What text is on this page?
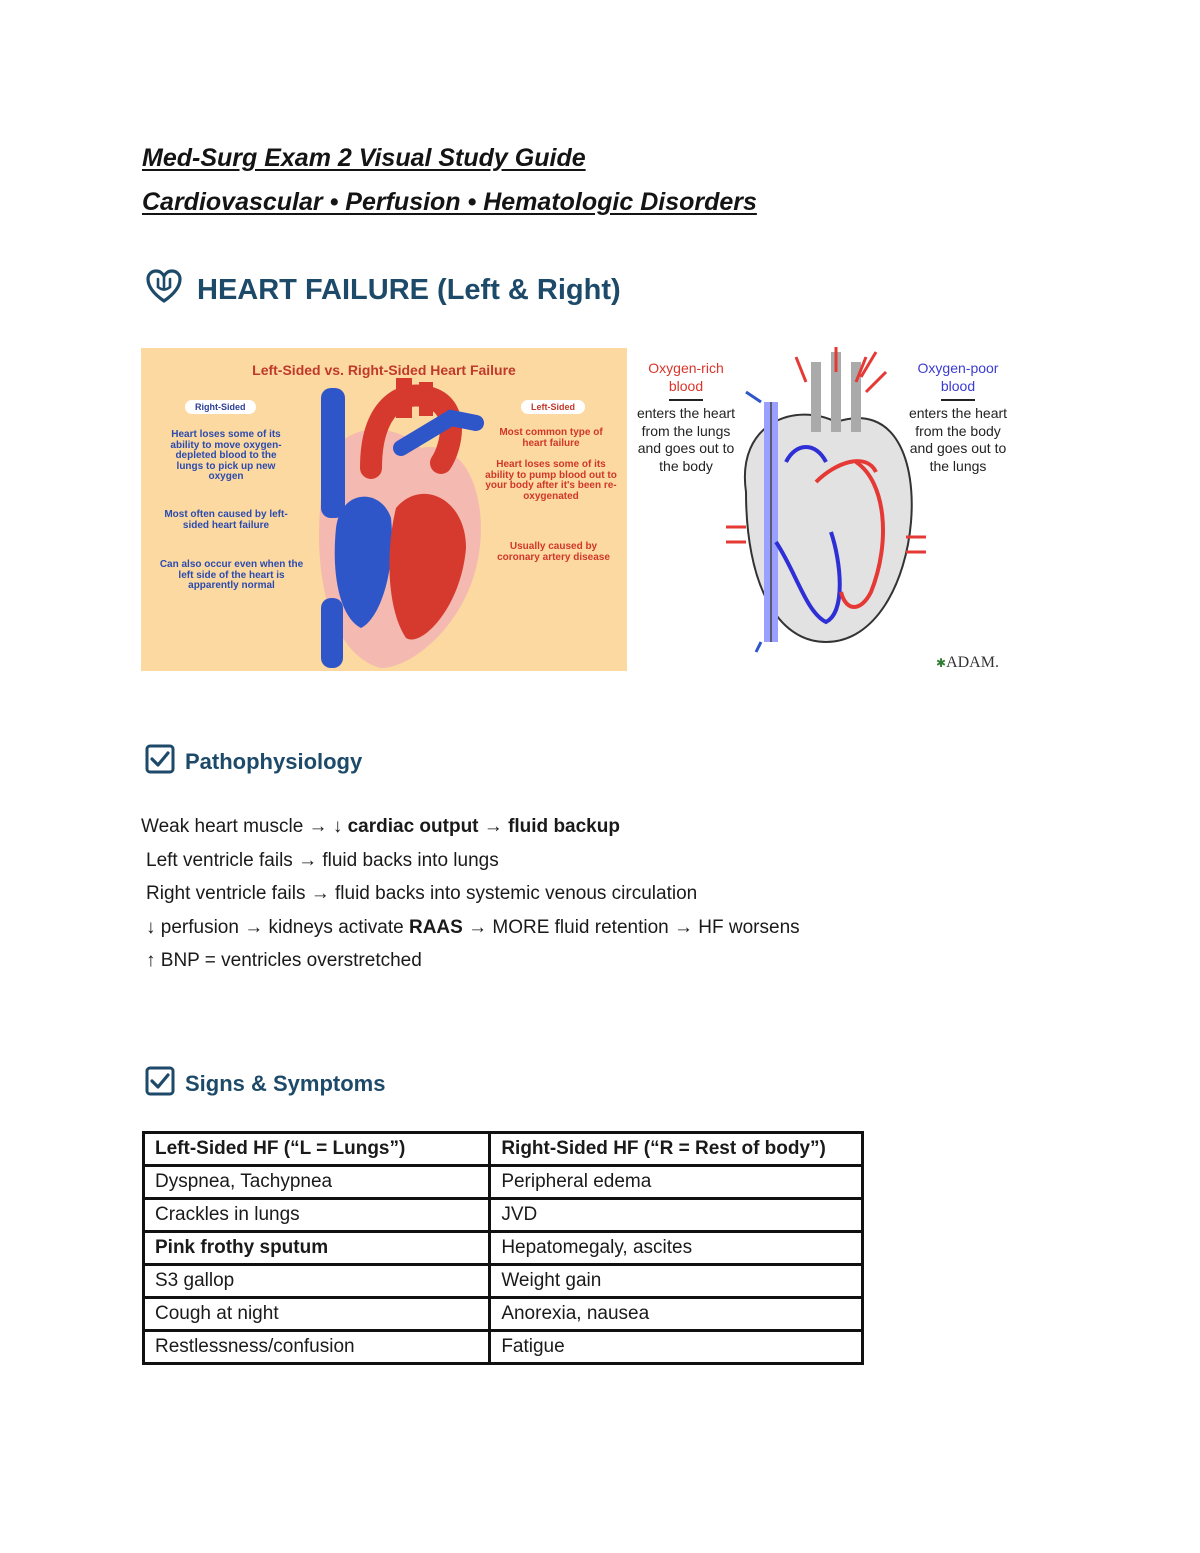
Med-Surg Exam 2 Visual Study Guide
Cardiovascular • Perfusion • Hematologic Disorders
HEART FAILURE (Left & Right)
Left-Sided vs. Right-Sided Heart Failure
Right-Sided	Left-Sided
Heart loses some of its ability to move oxygen-depleted blood to the lungs to pick up new oxygen
Most often caused by left-sided heart failure
Can also occur even when the left side of the heart is apparently normal
Most common type of heart failure
Heart loses some of its ability to pump blood out to your body after it's been re-oxygenated
Usually caused by coronary artery disease
Oxygen-rich blood
enters the heart from the lungs and goes out to the body
Oxygen-poor blood
enters the heart from the body and goes out to the lungs
✱ADAM.
Pathophysiology
Weak heart muscle → ↓ cardiac output → fluid backup
Left ventricle fails → fluid backs into lungs
Right ventricle fails → fluid backs into systemic venous circulation
↓ perfusion → kidneys activate RAAS → MORE fluid retention → HF worsens
↑ BNP = ventricles overstretched
Signs & Symptoms
Left-Sided HF (“L = Lungs”)	Right-Sided HF (“R = Rest of body”)
Dyspnea, Tachypnea	Peripheral edema
Crackles in lungs	JVD
Pink frothy sputum	Hepatomegaly, ascites
S3 gallop	Weight gain
Cough at night	Anorexia, nausea
Restlessness/confusion	Fatigue
